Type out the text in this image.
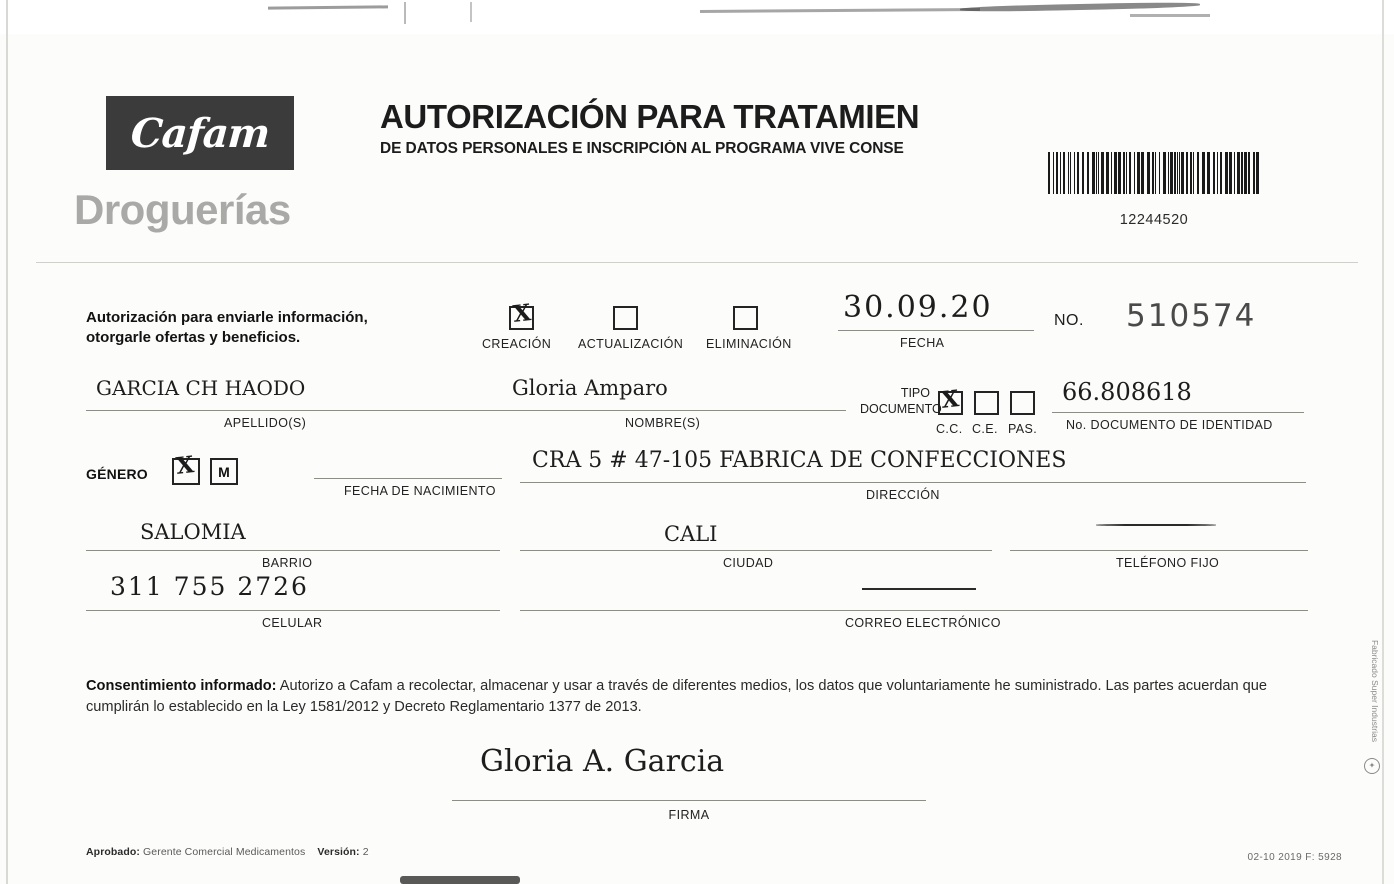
Cafam
Droguerías
AUTORIZACIÓN PARA TRATAMIEN
DE DATOS PERSONALES E INSCRIPCIÓN AL PROGRAMA VIVE CONSE
12244520
Autorización para enviarle información,
otorgarle ofertas y beneficios.
X
CREACIÓN ACTUALIZACIÓN ELIMINACIÓN
30.09.20
FECHA
NO. 510574
GARCIA CH HAODO
APELLIDO(S)
Gloria Amparo
NOMBRE(S)
TIPO
DOCUMENTO
X
C.C. C.E. PAS.
66.808618
No. DOCUMENTO DE IDENTIDAD
GÉNERO X M
FECHA DE NACIMIENTO
CRA 5 # 47-105 FABRICA DE CONFECCIONES
DIRECCIÓN
SALOMIA
BARRIO
CALI
CIUDAD	TELÉFONO FIJO
311 755 2726
CELULAR	CORREO ELECTRÓNICO
Consentimiento informado: Autorizo a Cafam a recolectar, almacenar y usar a través de diferentes medios, los datos que voluntariamente he suministrado. Las partes acuerdan que cumplirán lo establecido en la Ley 1581/2012 y Decreto Reglamentario 1377 de 2013.
Gloria A. Garcia
FIRMA
Aprobado: Gerente Comercial Medicamentos Versión: 2	02-10 2019 F: 5928
Fabricado Super Industrias
✦
